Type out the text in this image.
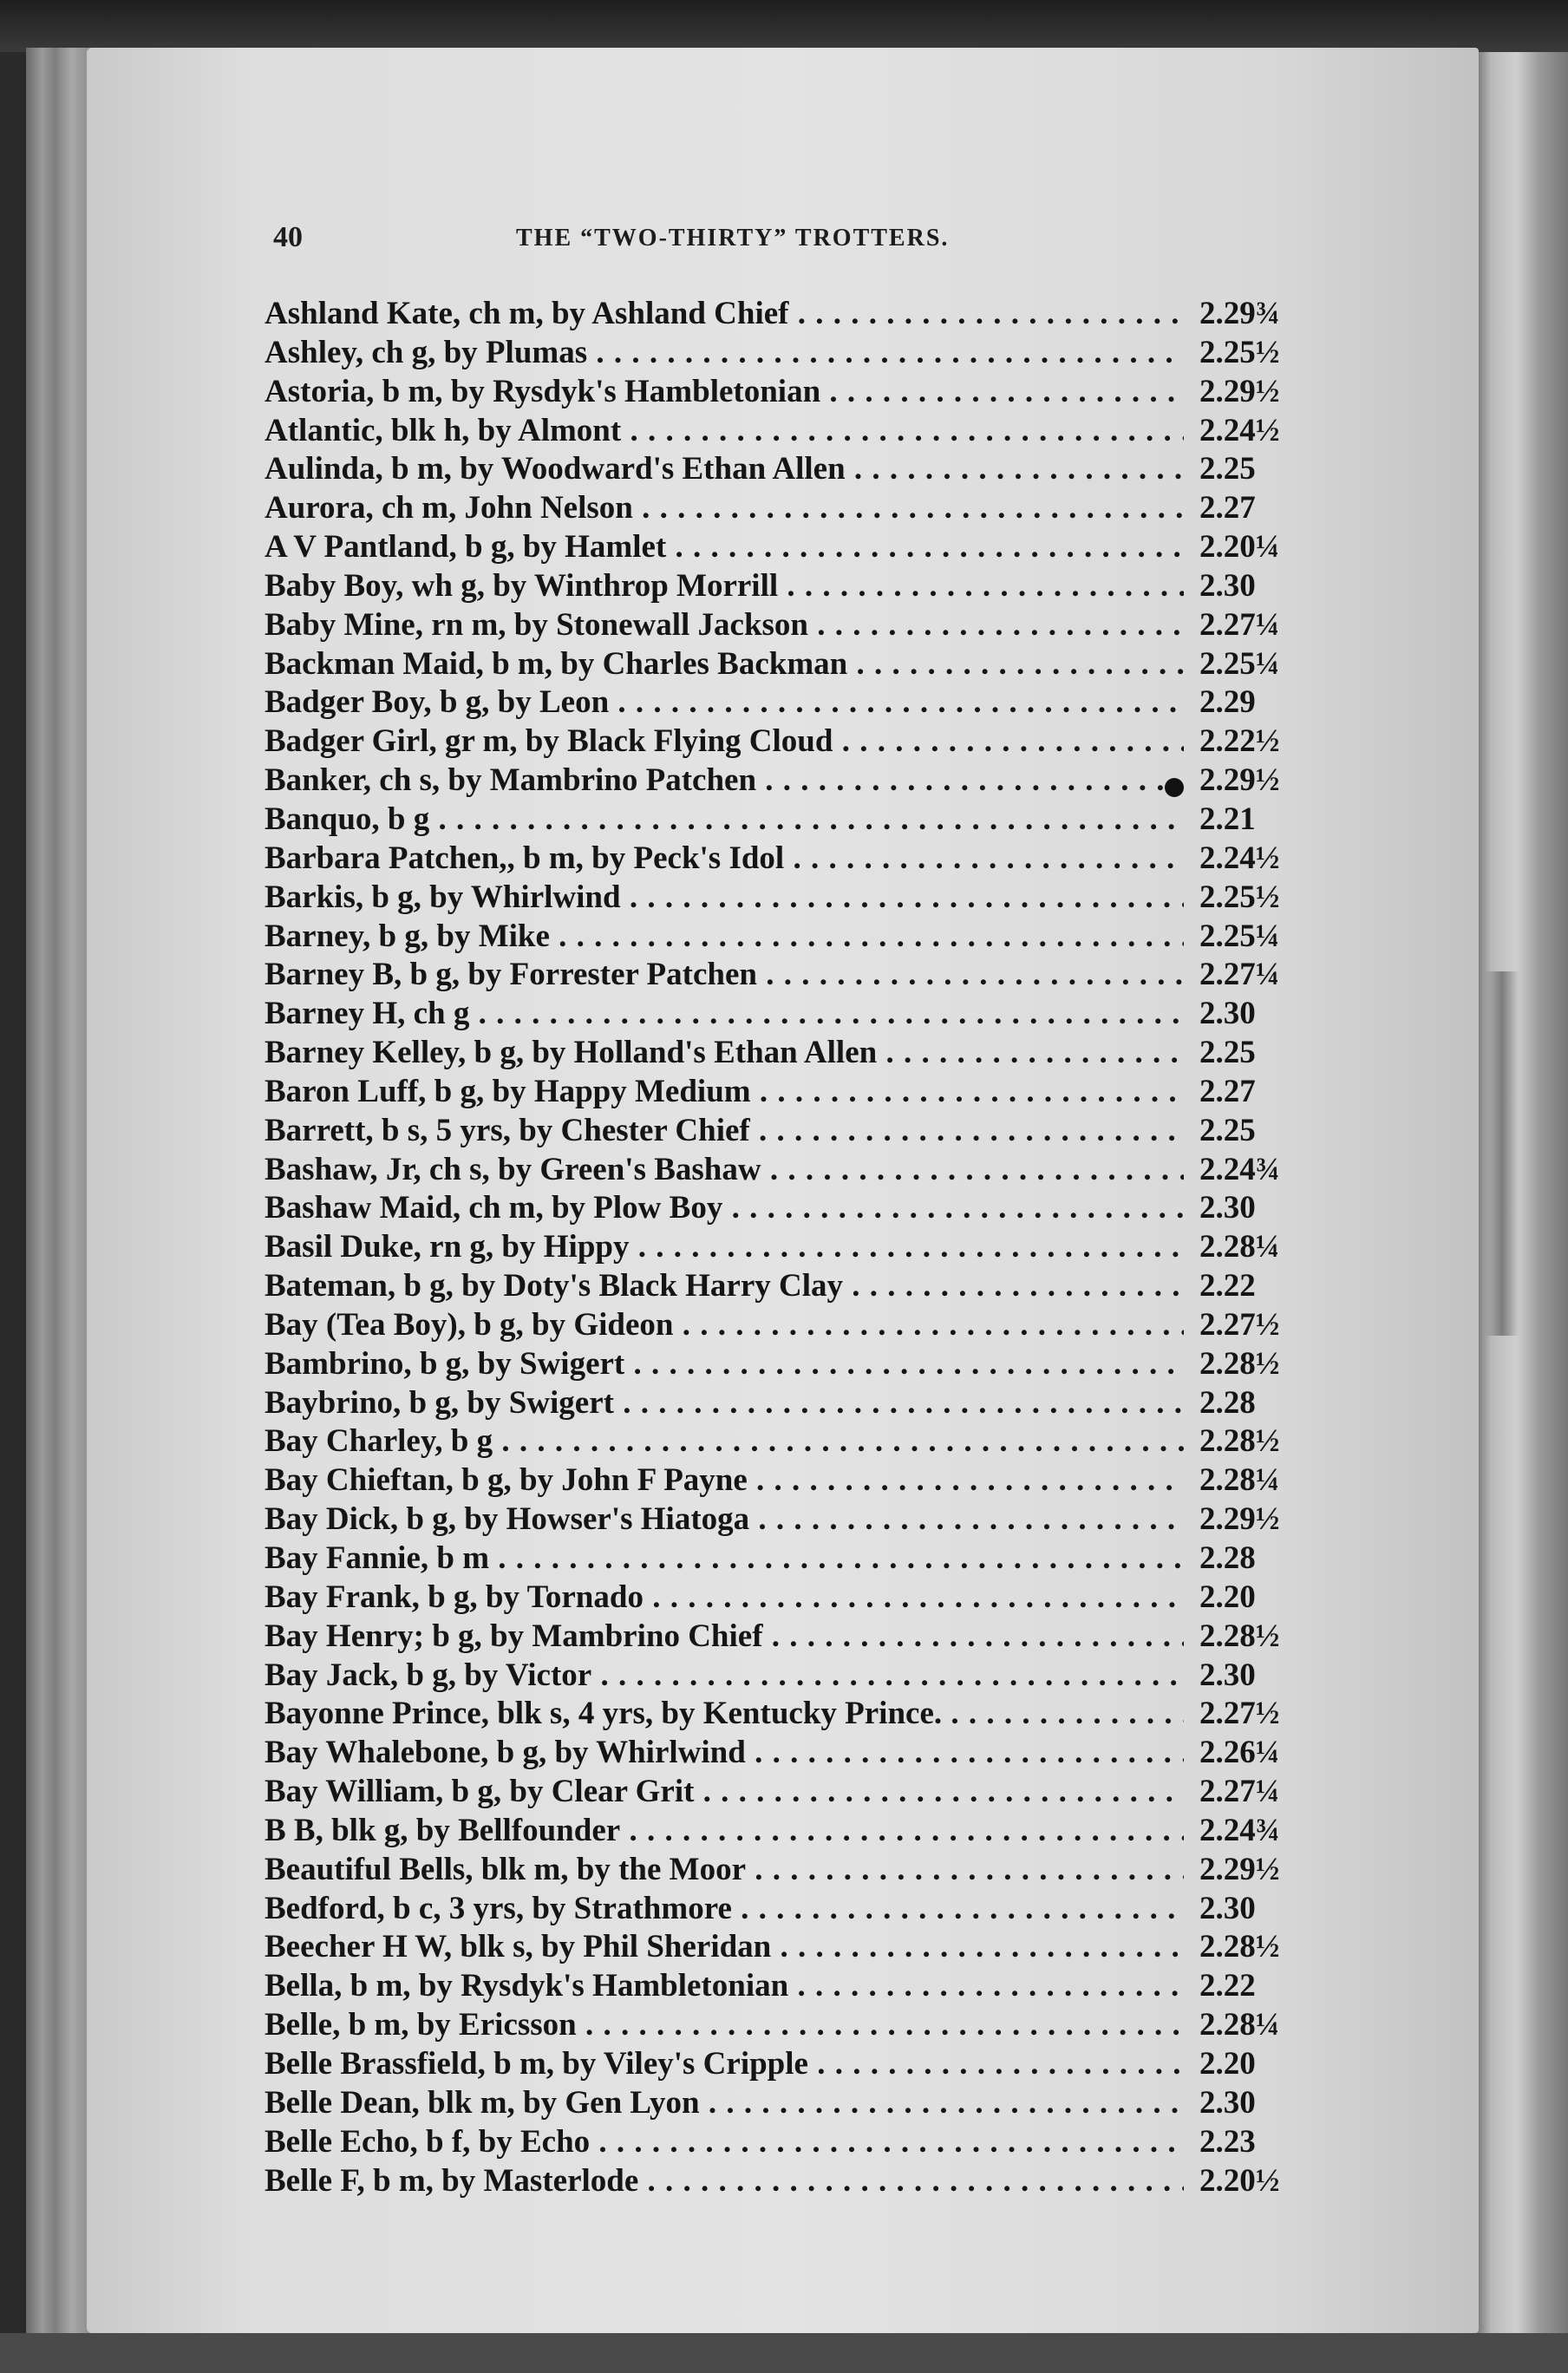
40	THE “TWO-THIRTY” TROTTERS.
Ashland Kate, ch m, by Ashland Chief . . .	2.29¾
Ashley, ch g, by Plumas . . .	2.25½
Astoria, b m, by Rysdyk's Hambletonian . . .	2.29½
Atlantic, blk h, by Almont . . .	2.24½
Aulinda, b m, by Woodward's Ethan Allen . . .	2.25
Aurora, ch m, John Nelson . . .	2.27
A V Pantland, b g, by Hamlet . . .	2.20¼
Baby Boy, wh g, by Winthrop Morrill . . .	2.30
Baby Mine, rn m, by Stonewall Jackson . . .	2.27¼
Backman Maid, b m, by Charles Backman . . .	2.25¼
Badger Boy, b g, by Leon . . .	2.29
Badger Girl, gr m, by Black Flying Cloud . . .	2.22½
Banker, ch s, by Mambrino Patchen . . .	2.29½
Banquo, b g . . .	2.21
Barbara Patchen,, b m, by Peck's Idol . . .	2.24½
Barkis, b g, by Whirlwind . . .	2.25½
Barney, b g, by Mike . . .	2.25¼
Barney B, b g, by Forrester Patchen . . .	2.27¼
Barney H, ch g . . .	2.30
Barney Kelley, b g, by Holland's Ethan Allen . . .	2.25
Baron Luff, b g, by Happy Medium . . .	2.27
Barrett, b s, 5 yrs, by Chester Chief . . .	2.25
Bashaw, Jr, ch s, by Green's Bashaw . . .	2.24¾
Bashaw Maid, ch m, by Plow Boy . . .	2.30
Basil Duke, rn g, by Hippy . . .	2.28¼
Bateman, b g, by Doty's Black Harry Clay . . .	2.22
Bay (Tea Boy), b g, by Gideon . . .	2.27½
Bambrino, b g, by Swigert . . .	2.28½
Baybrino, b g, by Swigert . . .	2.28
Bay Charley, b g . . .	2.28½
Bay Chieftan, b g, by John F Payne . . .	2.28¼
Bay Dick, b g, by Howser's Hiatoga . . .	2.29½
Bay Fannie, b m . . .	2.28
Bay Frank, b g, by Tornado . . .	2.20
Bay Henry; b g, by Mambrino Chief . . .	2.28½
Bay Jack, b g, by Victor . . .	2.30
Bayonne Prince, blk s, 4 yrs, by Kentucky Prince. . . .	2.27½
Bay Whalebone, b g, by Whirlwind . . .	2.26¼
Bay William, b g, by Clear Grit . . .	2.27¼
B B, blk g, by Bellfounder . . .	2.24¾
Beautiful Bells, blk m, by the Moor . . .	2.29½
Bedford, b c, 3 yrs, by Strathmore . . .	2.30
Beecher H W, blk s, by Phil Sheridan . . .	2.28½
Bella, b m, by Rysdyk's Hambletonian . . .	2.22
Belle, b m, by Ericsson . . .	2.28¼
Belle Brassfield, b m, by Viley's Cripple . . .	2.20
Belle Dean, blk m, by Gen Lyon . . .	2.30
Belle Echo, b f, by Echo . . .	2.23
Belle F, b m, by Masterlode . . .	2.20½
